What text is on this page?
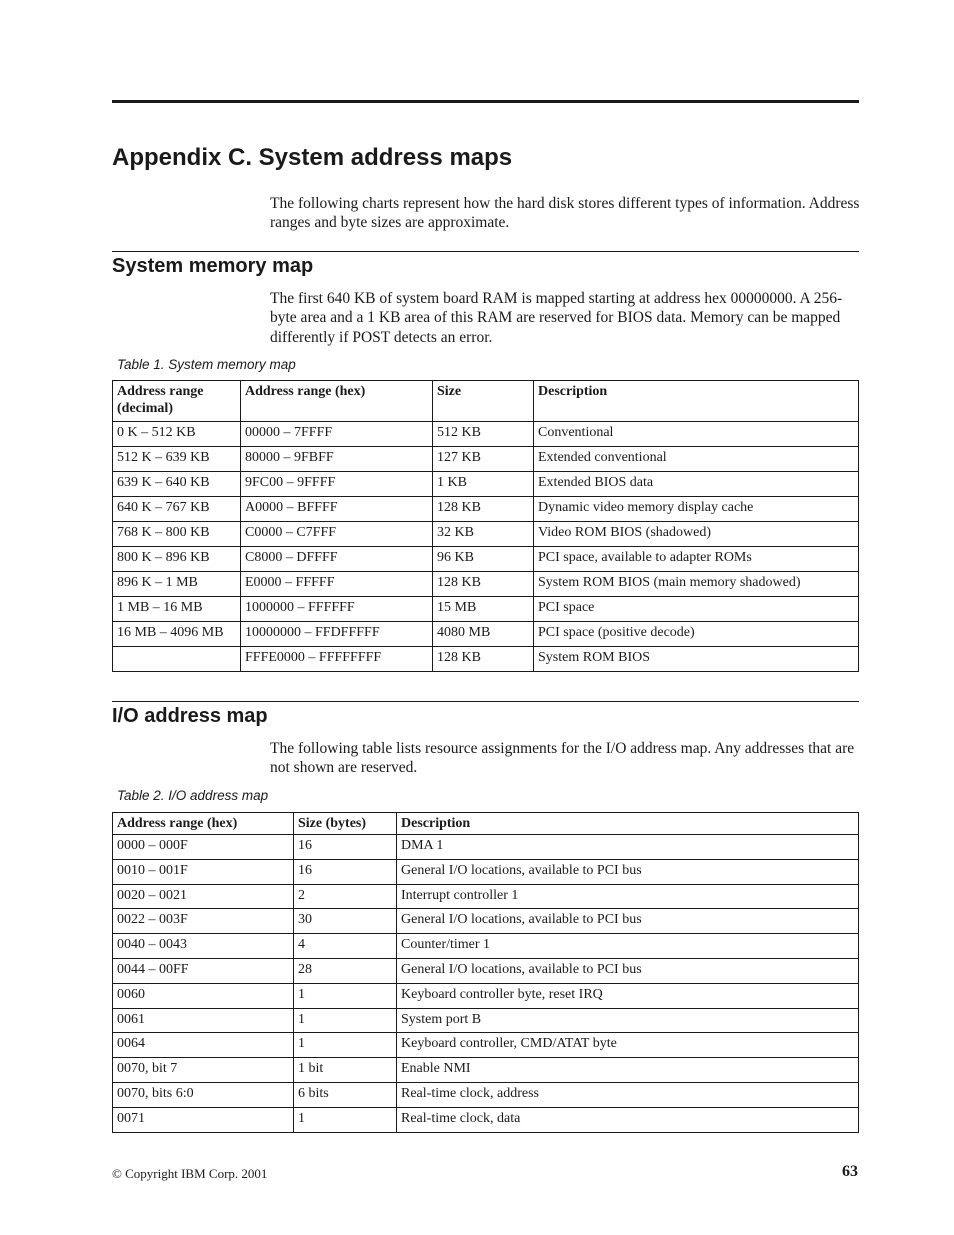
Appendix C. System address maps

The following charts represent how the hard disk stores different types of information. Address ranges and byte sizes are approximate.

System memory map

The first 640 KB of system board RAM is mapped starting at address hex 00000000. A 256-byte area and a 1 KB area of this RAM are reserved for BIOS data. Memory can be mapped differently if POST detects an error.

Table 1. System memory map

Address range (decimal)	Address range (hex)	Size	Description
0 K – 512 KB	00000 – 7FFFF	512 KB	Conventional
512 K – 639 KB	80000 – 9FBFF	127 KB	Extended conventional
639 K – 640 KB	9FC00 – 9FFFF	1 KB	Extended BIOS data
640 K – 767 KB	A0000 – BFFFF	128 KB	Dynamic video memory display cache
768 K – 800 KB	C0000 – C7FFF	32 KB	Video ROM BIOS (shadowed)
800 K – 896 KB	C8000 – DFFFF	96 KB	PCI space, available to adapter ROMs
896 K – 1 MB	E0000 – FFFFF	128 KB	System ROM BIOS (main memory shadowed)
1 MB – 16 MB	1000000 – FFFFFF	15 MB	PCI space
16 MB – 4096 MB	10000000 – FFDFFFFF	4080 MB	PCI space (positive decode)
	FFFE0000 – FFFFFFFF	128 KB	System ROM BIOS
I/O address map

The following table lists resource assignments for the I/O address map. Any addresses that are not shown are reserved.

Table 2. I/O address map

Address range (hex)	Size (bytes)	Description
0000 – 000F	16	DMA 1
0010 – 001F	16	General I/O locations, available to PCI bus
0020 – 0021	2	Interrupt controller 1
0022 – 003F	30	General I/O locations, available to PCI bus
0040 – 0043	4	Counter/timer 1
0044 – 00FF	28	General I/O locations, available to PCI bus
0060	1	Keyboard controller byte, reset IRQ
0061	1	System port B
0064	1	Keyboard controller, CMD/ATAT byte
0070, bit 7	1 bit	Enable NMI
0070, bits 6:0	6 bits	Real-time clock, address
0071	1	Real-time clock, data

© Copyright IBM Corp. 2001	63
